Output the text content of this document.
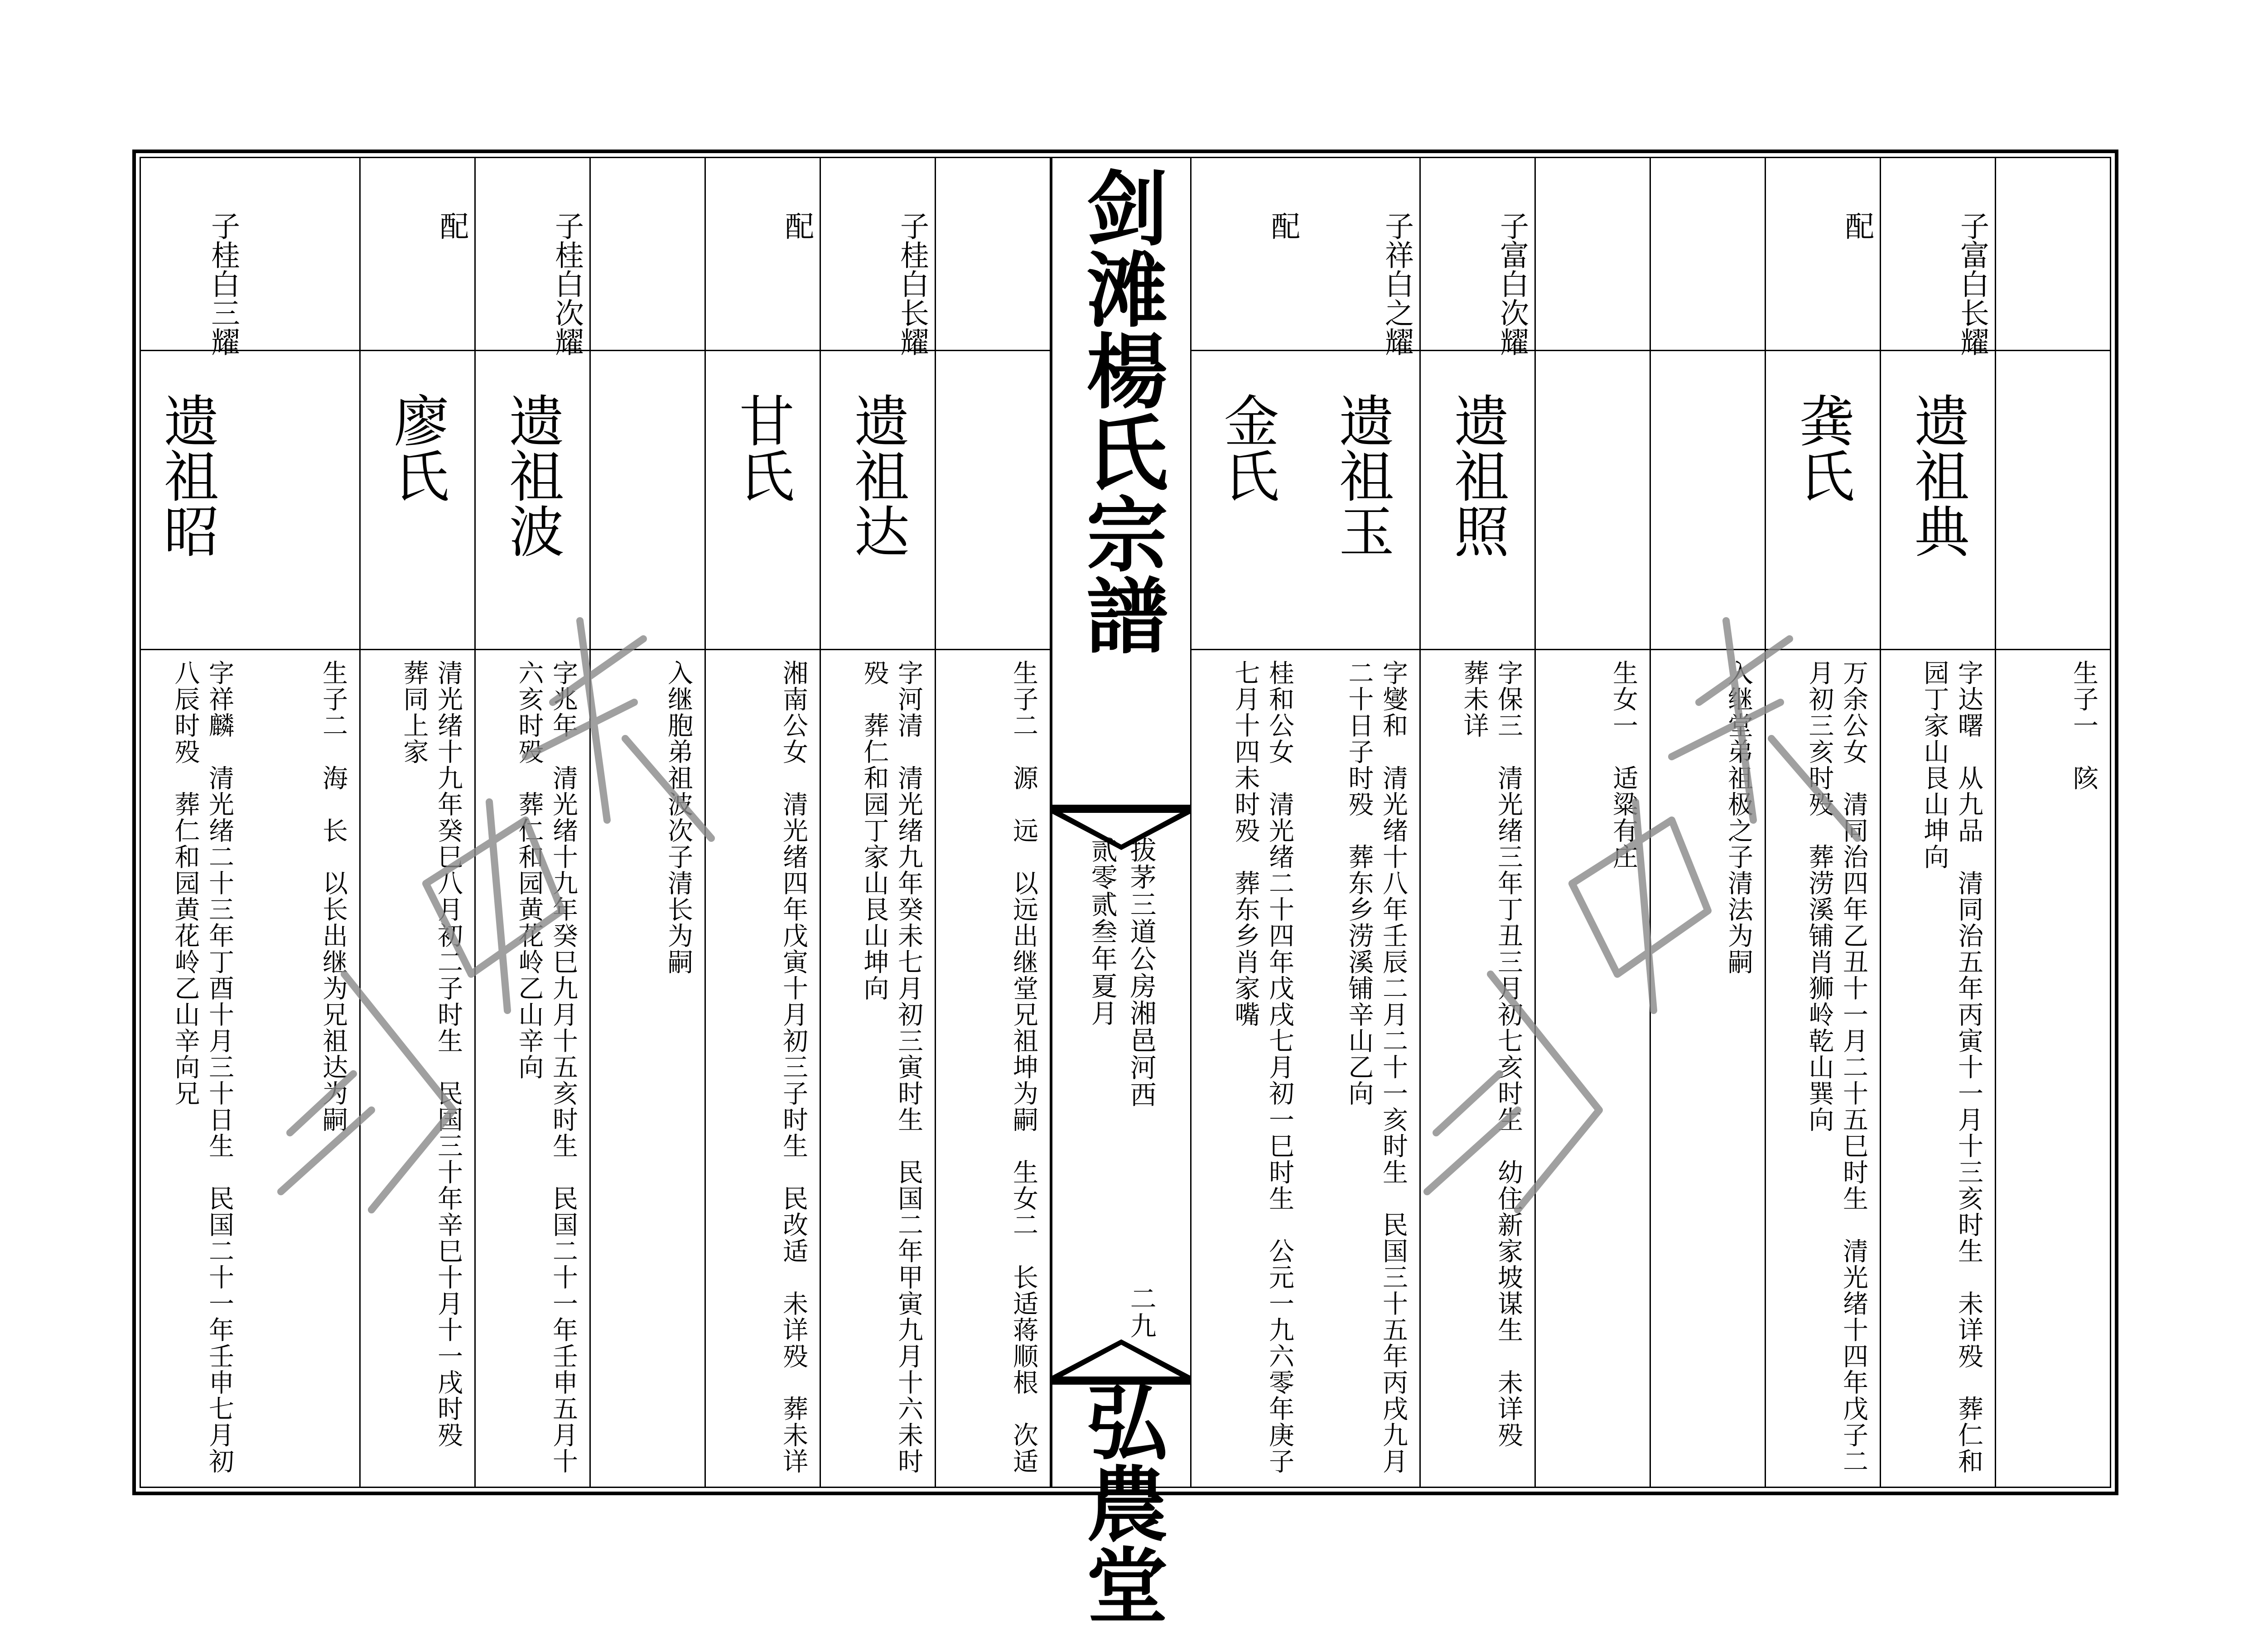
生子一　陔
子富白长耀
遗祖典
字达曙　从九品　清同治五年丙寅十一月十三亥时生　未详殁　葬仁和园丁家山艮山坤向
配
龚氏
万余公女　清同治四年乙丑十一月二十五巳时生　清光绪十四年戊子二月初三亥时殁　葬涝溪铺肖狮岭乾山巽向
入继堂弟祖极之子清法为嗣
生女一　适粱有庄
子富白次耀
遗祖照
字保三　清光绪三年丁丑三月初七亥时生　幼住新家坡谋生　未详殁　葬未详
子祥白之耀
遗祖玉
字燮和　清光绪十八年壬辰二月二十一亥时生　民国三十五年丙戌九月二十日子时殁　葬东乡涝溪铺辛山乙向
配
金氏
桂和公女　清光绪二十四年戊戌七月初一巳时生　公元一九六零年庚子七月十四未时殁　葬东乡肖家嘴
生子二　源　远　以远出继堂兄祖坤为嗣　生女二　长适蒋顺根　次适
子桂白长耀
遗祖达
字河清　清光绪九年癸未七月初三寅时生　民国二年甲寅九月十六未时殁　葬仁和园丁家山艮山坤向
配
甘氏
湘南公女　清光绪四年戊寅十月初三子时生　民改适　未详殁　葬未详
入继胞弟祖波次子清长为嗣
子桂白次耀
遗祖波
字兆年　清光绪十九年癸巳九月十五亥时生　民国二十一年壬申五月十六亥时殁　葬仁和园黄花岭乙山辛向
配
廖氏
清光绪十九年癸巳八月初二子时生　民国三十年辛巳十月十一戌时殁　葬同上家
生子二　海　长　以长出继为兄祖达为嗣
子桂白三耀
遗祖昭
字祥麟　清光绪二十三年丁酉十月三十日生　民国二十一年壬申七月初八辰时殁　葬仁和园黄花岭乙山辛向兄
剑滩楊氏宗譜
拔茅三道公房湘邑河西
贰零贰叁年夏月
二九
弘農堂
